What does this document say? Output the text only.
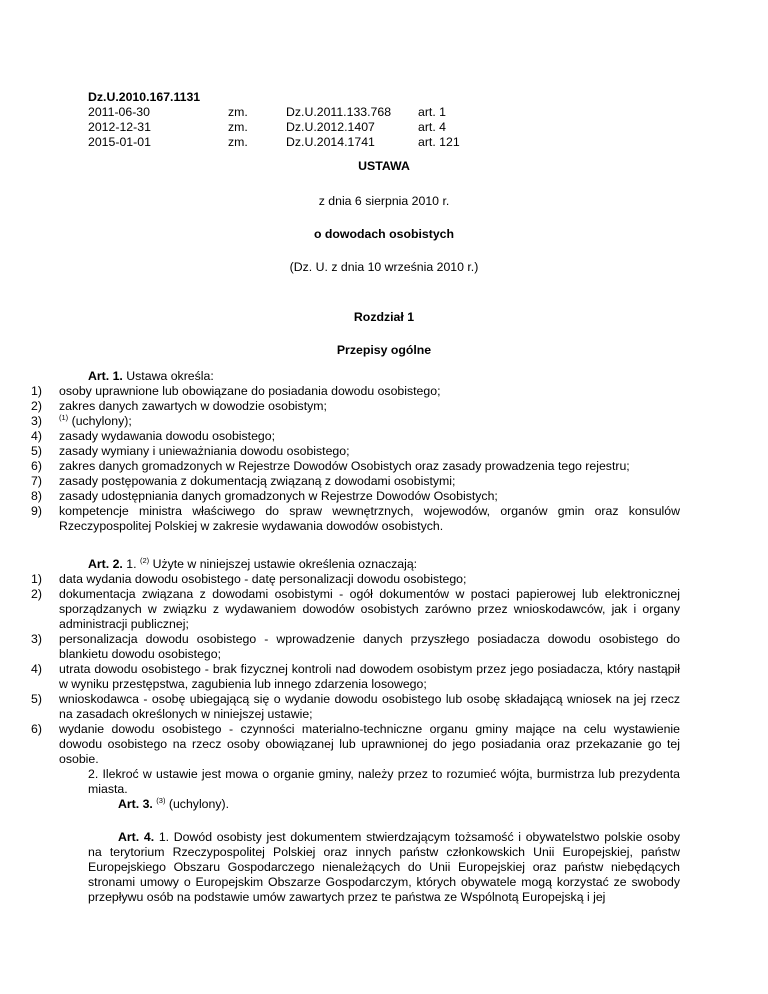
Dz.U.2010.167.1131
2011-06-30	zm.	Dz.U.2011.133.768 art. 1
2012-12-31	zm.	Dz.U.2012.1407	art. 4
2015-01-01	zm.	Dz.U.2014.1741	art. 121
USTAWA
z dnia 6 sierpnia 2010 r.
o dowodach osobistych
(Dz. U. z dnia 10 września 2010 r.)
Rozdział 1
Przepisy ogólne

Art. 1. Ustawa określa:

1) osoby uprawnione lub obowiązane do posiadania dowodu osobistego;
2) zakres danych zawartych w dowodzie osobistym;
3) $^{(1)}$ (uchylony);
4) zasady wydawania dowodu osobistego;
5) zasady wymiany i unieważniania dowodu osobistego;
6) zakres danych gromadzonych w Rejestrze Dowodów Osobistych oraz zasady prowadzenia tego rejestru;
7) zasady postępowania z dokumentacją związaną z dowodami osobistymi;
8) zasady udostępniania danych gromadzonych w Rejestrze Dowodów Osobistych;
9) kompetencje ministra właściwego do spraw wewnętrznych, wojewodów, organów gmin oraz konsulów Rzeczypospolitej Polskiej w zakresie wydawania dowodów osobistych.

Art. 2. 1. $^{(2)}$ Użyte w niniejszej ustawie określenia oznaczają:

1) data wydania dowodu osobistego - datę personalizacji dowodu osobistego;
2) dokumentacja związana z dowodami osobistymi - ogół dokumentów w postaci papierowej lub elektronicznej sporządzanych w związku z wydawaniem dowodów osobistych zarówno przez wnioskodawców, jak i organy administracji publicznej;
3) personalizacja dowodu osobistego - wprowadzenie danych przyszłego posiadacza dowodu osobistego do blankietu dowodu osobistego;
4) utrata dowodu osobistego - brak fizycznej kontroli nad dowodem osobistym przez jego posiadacza, który nastąpił w wyniku przestępstwa, zagubienia lub innego zdarzenia losowego;
5) wnioskodawca - osobę ubiegającą się o wydanie dowodu osobistego lub osobę składającą wniosek na jej rzecz na zasadach określonych w niniejszej ustawie;
6) wydanie dowodu osobistego - czynności materialno-techniczne organu gminy mające na celu wystawienie dowodu osobistego na rzecz osoby obowiązanej lub uprawnionej do jego posiadania oraz przekazanie go tej osobie.

2. Ilekroć w ustawie jest mowa o organie gminy, należy przez to rozumieć wójta, burmistrza lub prezydenta miasta.

Art. 3. $^{(3)}$ (uchylony).

Art. 4. 1. Dowód osobisty jest dokumentem stwierdzającym tożsamość i obywatelstwo polskie osoby na terytorium Rzeczypospolitej Polskiej oraz innych państw członkowskich Unii Europejskiej, państw Europejskiego Obszaru Gospodarczego nienależących do Unii Europejskiej oraz państw niebędących stronami umowy o Europejskim Obszarze Gospodarczym, których obywatele mogą korzystać ze swobody przepływu osób na podstawie umów zawartych przez te państwa ze Wspólnotą Europejską i jej
